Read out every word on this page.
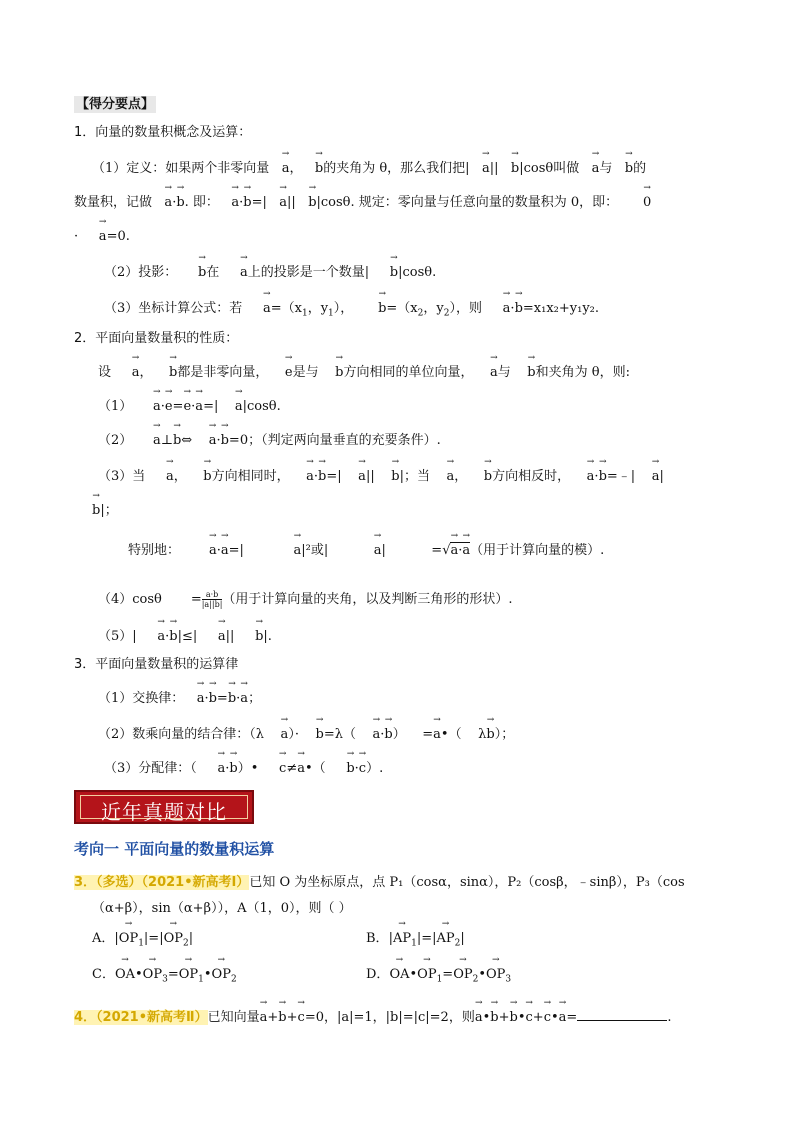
【得分要点】
1．向量的数量积概念及运算：
（1）定义：如果两个非零向量 → a，   → b的夹角为 θ，那么我们把| → a||   → b|cosθ叫做 → a与 → b的
数量积，记做 → a·→ b. 即： → a·→ b=| → a||   → b|cosθ. 规定：零向量与任意向量的数量积为 0，即： → 0
·     → a=0.
（2）投影： → b在 → a上的投影是一个数量| → b|cosθ.
（3）坐标计算公式：若 → $a=(x_1$，$y_1$），      → $b=(x_2$，$y_2$），则 → a·→ b=x₁x₂+y₁y₂.
2．平面向量数量积的性质：
设 → a，    → b都是非零向量， → e是与 → b方向相同的单位向量， → a与 → b和夹角为 θ，则:
（1）     → a·→ e=→ e·→ a=|    → a|cosθ.
（2）     → a⊥→ b⇔    → a·→ b=0；（判定两向量垂直的充要条件）.
（3）当 → a，    → b方向相同时， → a·→ b=|    → a||    → b|；当 → a，    → b方向相反时， → a·→ b=﹣|    → a|
→ b|；
特别地： → a·→ a=|            → a|²或|           → a|           =√→ a·→ a（用于计算向量的模）.
（4）cosθ       = $\frac{a\cdot b}{|a||b|}$ （用于计算向量的夹角，以及判断三角形的形状）.
（5）| → a·→ b|≤|     → a||     → b|.
3．平面向量数量积的运算律
（1）交换律： → a·→ b=→ b·→ a；
（2）数乘向量的结合律：（λ → a）·    → b=λ（    → a·→ b）    =→ a•（    λ→ b）；
（3）分配律：（ → a·→ b）•     → c≠→ a•（     → b·→ c）.
近年真题对比
考向一 平面向量的数量积运算
3．（多选）（2021•新高考Ⅰ）已知 O 为坐标原点，点 P₁（cosα，sinα），P₂（cosβ，﹣sinβ），P₃（cos
（α+β），sin（α+β）），A（1，0），则（ ）
A．|→ $OP_1|=|\to OP_2|$	B．|→ $AP_1|=|\to AP_2|$
C．→ OA•→ $OP_3=\to$ $OP_1•\to OP_2$	D．→ OA•→ $OP_1=\to$ $OP_2•\to OP_3$
4．（2021•新高考Ⅱ）已知向量→ a+→ b+→ c=0，|a|=1，|b|=|c|=2，则→ a•→ b+→ b•→ c+→ c•→ a=	.
